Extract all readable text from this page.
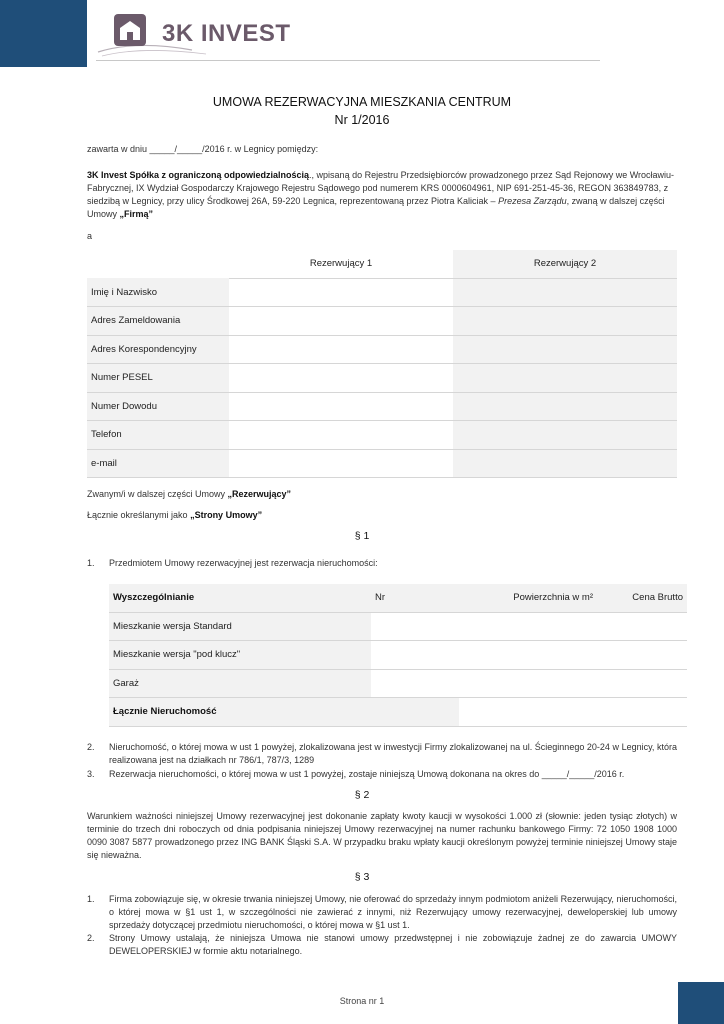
3K INVEST
UMOWA REZERWACYJNA MIESZKANIA CENTRUM
Nr 1/2016
zawarta w dniu _____/_____/2016 r. w Legnicy pomiędzy:
3K Invest Spółka z ograniczoną odpowiedzialnością., wpisaną do Rejestru Przedsiębiorców prowadzonego przez Sąd Rejonowy we Wrocławiu-Fabrycznej, IX Wydział Gospodarczy Krajowego Rejestru Sądowego pod numerem KRS 0000604961, NIP 691-251-45-36, REGON 363849783, z siedzibą w Legnicy, przy ulicy Środkowej 26A, 59-220 Legnica, reprezentowaną przez Piotra Kaliciak – Prezesa Zarządu, zwaną w dalszej części Umowy „Firmą”
a
	Rezerwujący 1	Rezerwujący 2
Imię i Nazwisko		
Adres Zameldowania		
Adres Korespondencyjny		
Numer PESEL		
Numer Dowodu		
Telefon		
e-mail		
Zwanym/i w dalszej części Umowy „Rezerwujący”
Łącznie określanymi jako „Strony Umowy”
§ 1
1. Przedmiotem Umowy rezerwacyjnej jest rezerwacja nieruchomości:
Wyszczególnianie	Nr	Powierzchnia w m²	Cena Brutto
Mieszkanie wersja Standard			
Mieszkanie wersja "pod klucz"			
Garaż			
Łącznie Nieruchomość			
2. Nieruchomość, o której mowa w ust 1 powyżej, zlokalizowana jest w inwestycji Firmy zlokalizowanej na ul. Ścieginnego 20-24 w Legnicy, która realizowana jest na działkach nr 786/1, 787/3, 1289
3. Rezerwacja nieruchomości, o której mowa w ust 1 powyżej, zostaje niniejszą Umową dokonana na okres do _____/_____/2016 r.
§ 2
Warunkiem ważności niniejszej Umowy rezerwacyjnej jest dokonanie zapłaty kwoty kaucji w wysokości 1.000 zł (słownie: jeden tysiąc złotych) w terminie do trzech dni roboczych od dnia podpisania niniejszej Umowy rezerwacyjnej na numer rachunku bankowego Firmy: 72 1050 1908 1000 0090 3087 5877 prowadzonego przez ING BANK Śląski S.A. W przypadku braku wpłaty kaucji określonym powyżej terminie niniejszej Umowy staje się nieważna.
§ 3
1. Firma zobowiązuje się, w okresie trwania niniejszej Umowy, nie oferować do sprzedaży innym podmiotom aniżeli Rezerwujący, nieruchomości, o której mowa w §1 ust 1, w szczególności nie zawierać z innymi, niż Rezerwujący umowy rezerwacyjnej, deweloperskiej lub umowy sprzedaży dotyczącej przedmiotu nieruchomości, o której mowa w §1 ust 1.
2. Strony Umowy ustalają, że niniejsza Umowa nie stanowi umowy przedwstępnej i nie zobowiązuje żadnej ze do zawarcia UMOWY DEWELOPERSKIEJ w formie aktu notarialnego.
Strona nr 1
